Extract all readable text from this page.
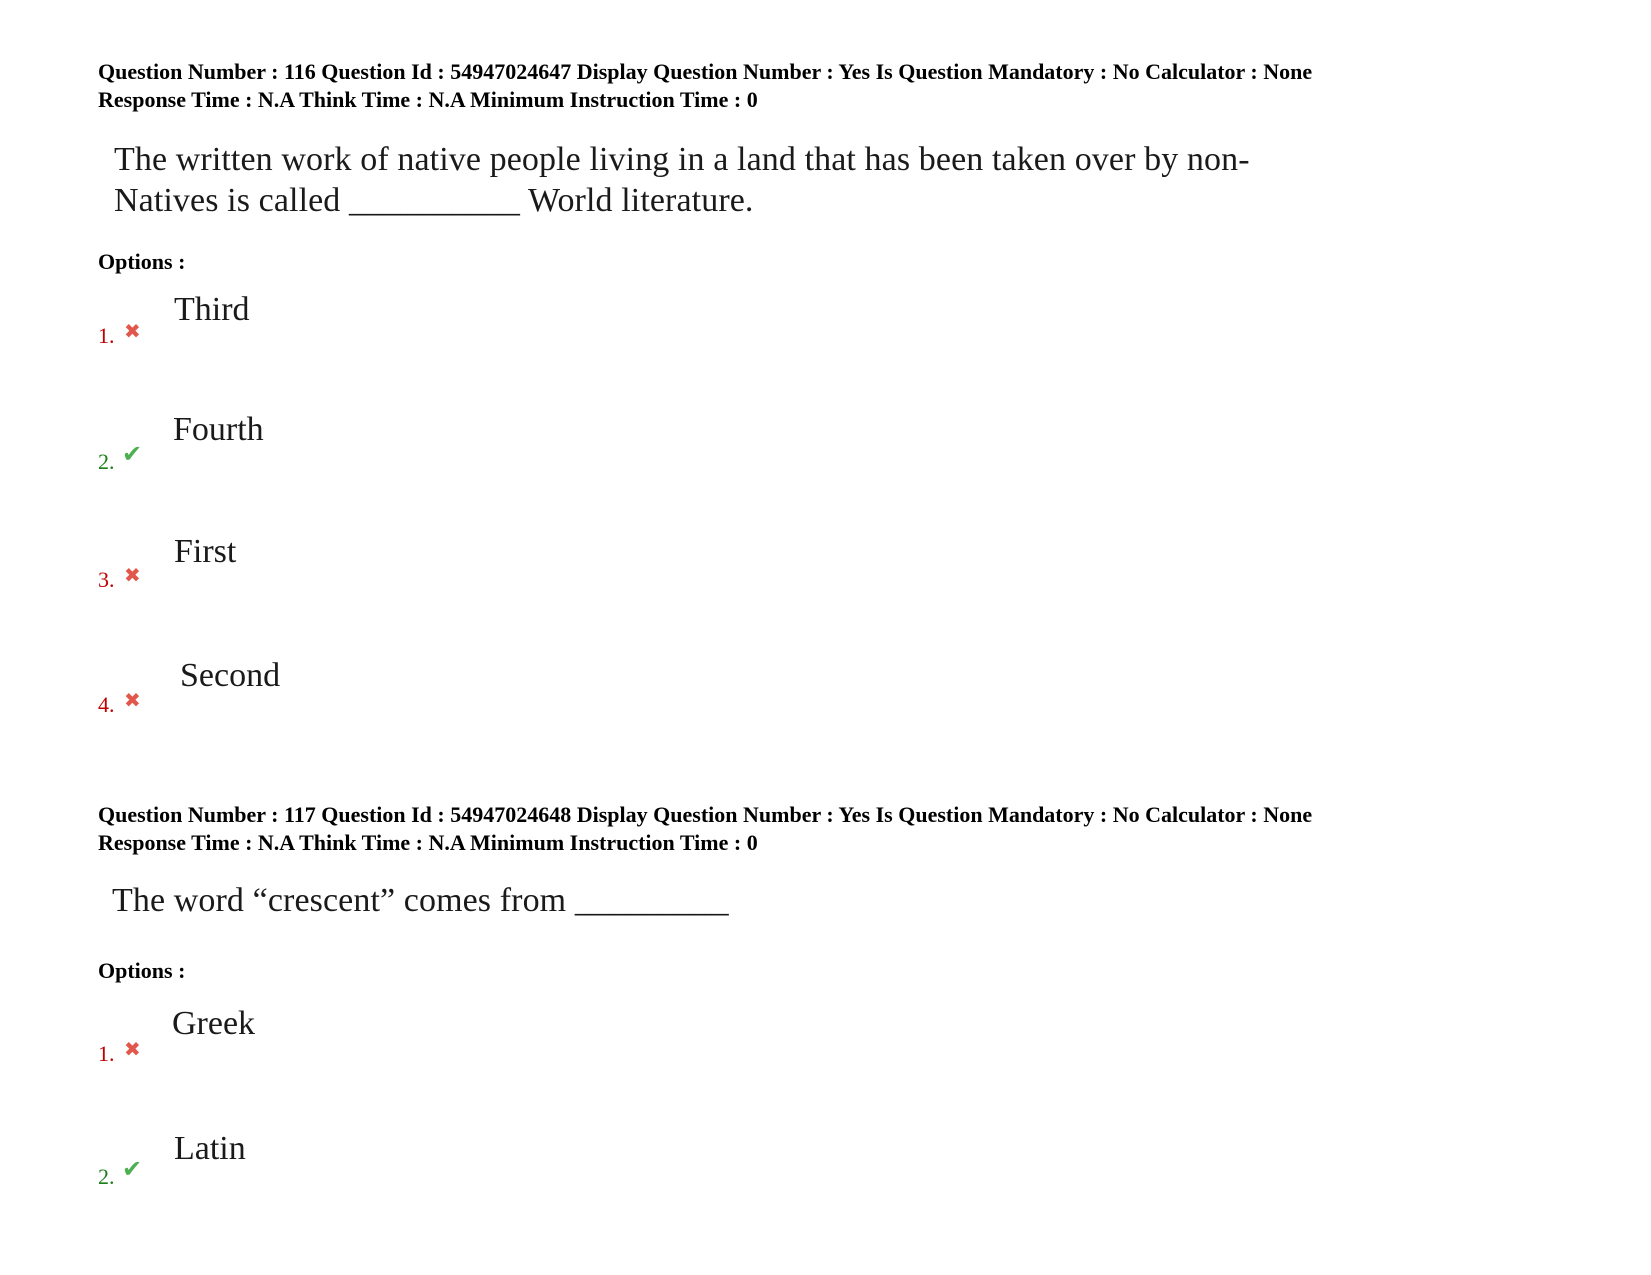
Question Number : 116 Question Id : 54947024647 Display Question Number : Yes Is Question Mandatory : No Calculator : None

Response Time : N.A Think Time : N.A Minimum Instruction Time : 0

The written work of native people living in a land that has been taken over by non-
Natives is called __________ World literature.
Options :
1. ✖
Third
2. ✔
Fourth
3. ✖
First
4. ✖
Second

Question Number : 117 Question Id : 54947024648 Display Question Number : Yes Is Question Mandatory : No Calculator : None

Response Time : N.A Think Time : N.A Minimum Instruction Time : 0

The word “crescent” comes from _________
Options :
1. ✖
Greek
2. ✔
Latin
